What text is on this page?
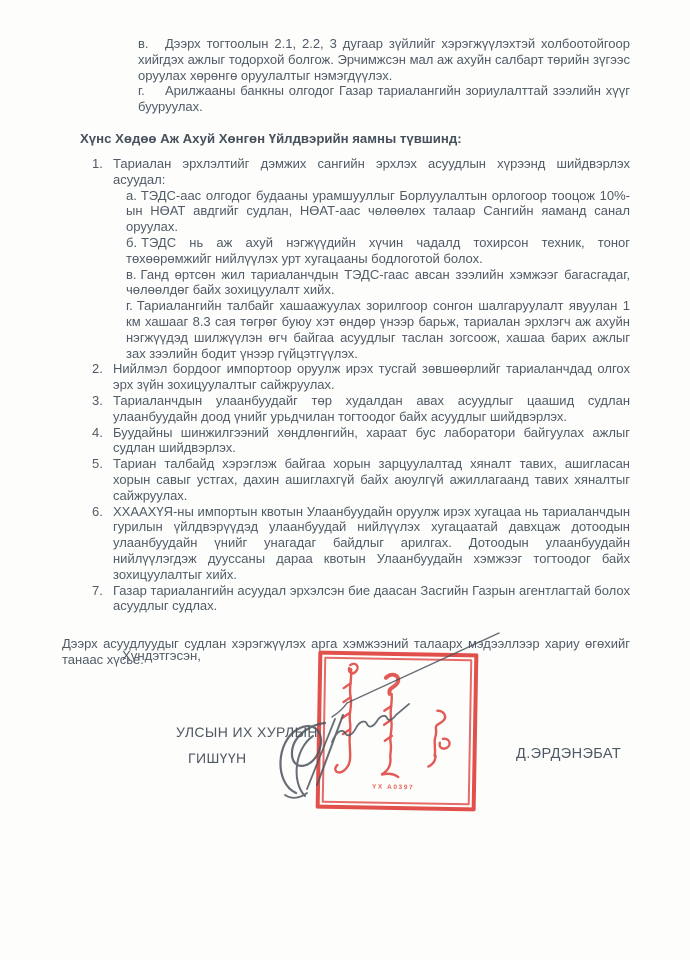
в. Дээрх тогтоолын 2.1, 2.2, 3 дугаар зүйлийг хэрэгжүүлэхтэй холбоотойгоор хийгдэх ажлыг тодорхой болгож. Эрчимжсэн мал аж ахуйн салбарт төрийн зүгээс оруулах хөрөнгө оруулалтыг нэмэгдүүлэх.

г. Арилжааны банкны олгодог Газар тариалангийн зориулалттай зээлийн хүүг бууруулах.

Хүнс Хөдөө Аж Ахуй Хөнгөн Үйлдвэрийн яамны түвшинд:
1. Тариалан эрхлэлтийг дэмжих сангийн эрхлэх асуудлын хүрээнд шийдвэрлэх асуудал:

а. ТЭДС-аас олгодог будааны урамшууллыг Борлуулалтын орлогоор тооцож 10%-ын НӨАТ авдгийг судлан, НӨАТ-аас чөлөөлөх талаар Сангийн яаманд санал оруулах.

б. ТЭДС нь аж ахуй нэгжүүдийн хүчин чадалд тохирсон техник, тоног төхөөрөмжийг нийлүүлэх урт хугацааны бодлоготой болох.

в. Ганд өртсөн жил тариаланчдын ТЭДС-гаас авсан зээлийн хэмжээг багасгадаг, чөлөөлдөг байх зохицуулалт хийх.

г. Тариалангийн талбайг хашаажуулах зорилгоор сонгон шалгаруулалт явуулан 1 км хашааг 8.3 сая төгрөг буюу хэт өндөр үнээр барьж, тариалан эрхлэгч аж ахуйн нэгжүүдэд шилжүүлэн өгч байгаа асуудлыг таслан зогсоож, хашаа барих ажлыг зах зээлийн бодит үнээр гүйцэтгүүлэх.

2. Нийлмэл бордоог импортоор оруулж ирэх тусгай зөвшөөрлийг тариаланчдад олгох эрх зүйн зохицуулалтыг сайжруулах.

3. Тариаланчдын улаанбуудайг төр худалдан авах асуудлыг цаашид судлан улаанбуудайн доод үнийг урьдчилан тогтоодог байх асуудлыг шийдвэрлэх.

4. Буудайны шинжилгээний хөндлөнгийн, хараат бус лаборатори байгуулах ажлыг судлан шийдвэрлэх.

5. Тариан талбайд хэрэглэж байгаа хорын зарцуулалтад хяналт тавих, ашигласан хорын савыг устгах, дахин ашиглахгүй байх аюулгүй ажиллагаанд тавих хяналтыг сайжруулах.

6. ХХААХҮЯ-ны импортын квотын Улаанбуудайн оруулж ирэх хугацаа нь тариаланчдын гурилын үйлдвэрүүдэд улаанбуудай нийлүүлэх хугацаатай давхцаж дотоодын улаанбуудайн үнийг унагадаг байдлыг арилгах. Дотоодын улаанбуудайн нийлүүлэгдэж дууссаны дараа квотын Улаанбуудайн хэмжээг тогтоодог байх зохицуулалтыг хийх.

7. Газар тариалангийн асуудал эрхэлсэн бие даасан Засгийн Газрын агентлагтай болох асуудлыг судлах.

Дээрх асуудлуудыг судлан хэрэгжүүлэх арга хэмжээний талаарх мэдээллээр хариу өгөхийг танаас хүсье.

Хүндэтгэсэн,
УЛСЫН ИХ ХУРЛЫН
ГИШҮҮН	Д.ЭРДЭНЭБАТ
YX A0397
